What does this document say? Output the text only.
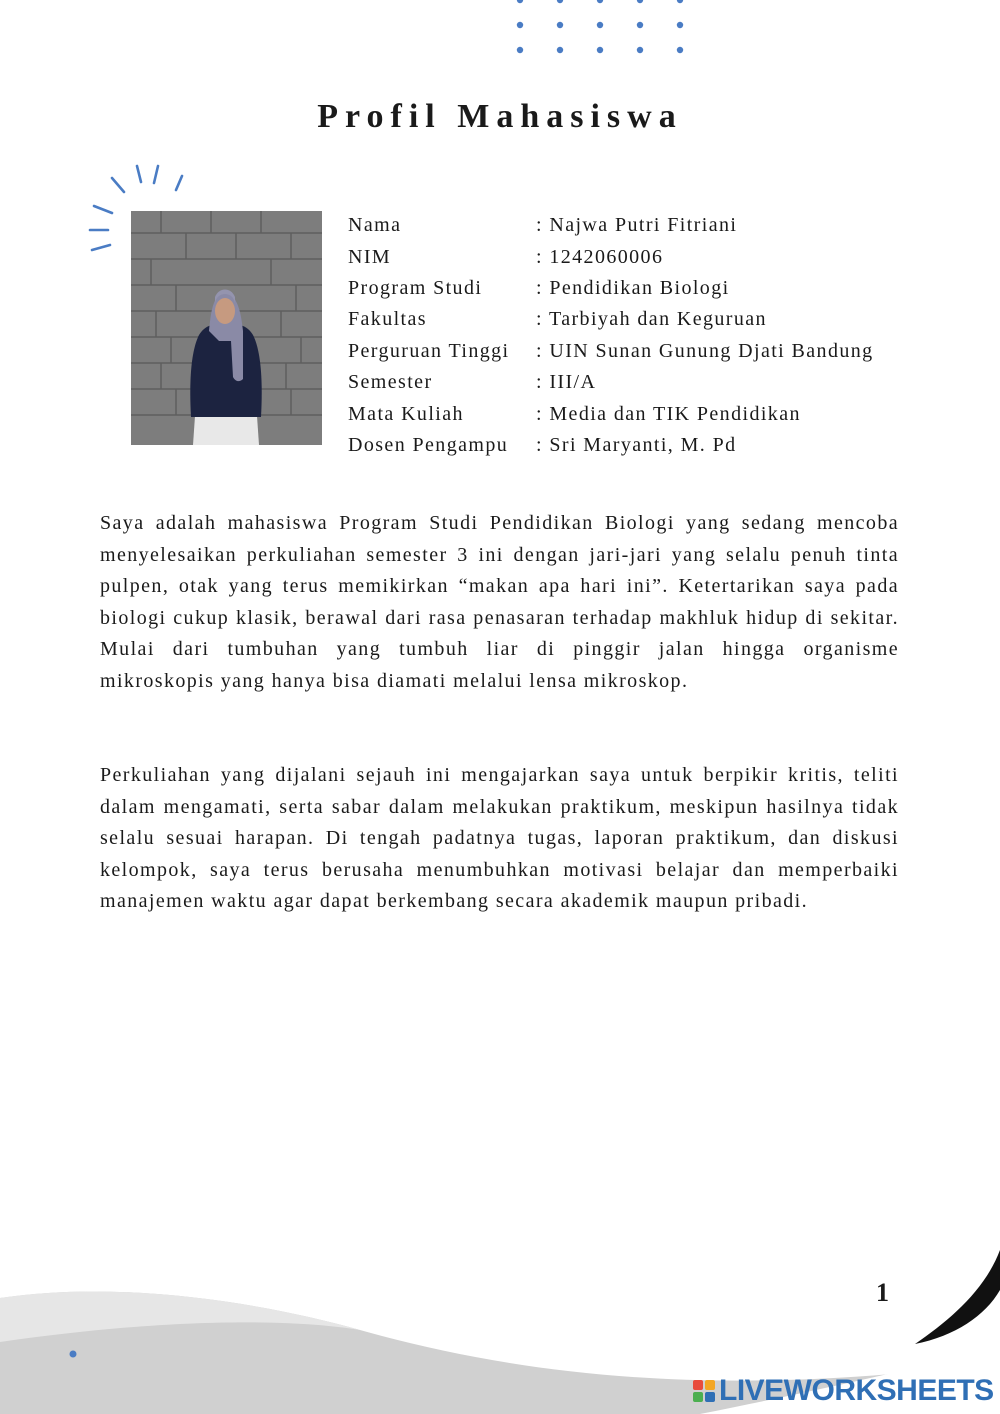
Profil Mahasiswa
Nama	: Najwa Putri Fitriani
NIM	: 1242060006
Program Studi	: Pendidikan Biologi
Fakultas	: Tarbiyah dan Keguruan
Perguruan Tinggi	: UIN Sunan Gunung Djati Bandung
Semester	: III/A
Mata Kuliah	: Media dan TIK Pendidikan
Dosen Pengampu	: Sri Maryanti, M. Pd

Saya adalah mahasiswa Program Studi Pendidikan Biologi yang sedang mencoba menyelesaikan perkuliahan semester 3 ini dengan jari-jari yang selalu penuh tinta pulpen, otak yang terus memikirkan “makan apa hari ini”. Ketertarikan saya pada biologi cukup klasik, berawal dari rasa penasaran terhadap makhluk hidup di sekitar. Mulai dari tumbuhan yang tumbuh liar di pinggir jalan hingga organisme mikroskopis yang hanya bisa diamati melalui lensa mikroskop.

Perkuliahan yang dijalani sejauh ini mengajarkan saya untuk berpikir kritis, teliti dalam mengamati, serta sabar dalam melakukan praktikum, meskipun hasilnya tidak selalu sesuai harapan. Di tengah padatnya tugas, laporan praktikum, dan diskusi kelompok, saya terus berusaha menumbuhkan motivasi belajar dan memperbaiki manajemen waktu agar dapat berkembang secara akademik maupun pribadi.

1
LIVEWORKSHEETS
